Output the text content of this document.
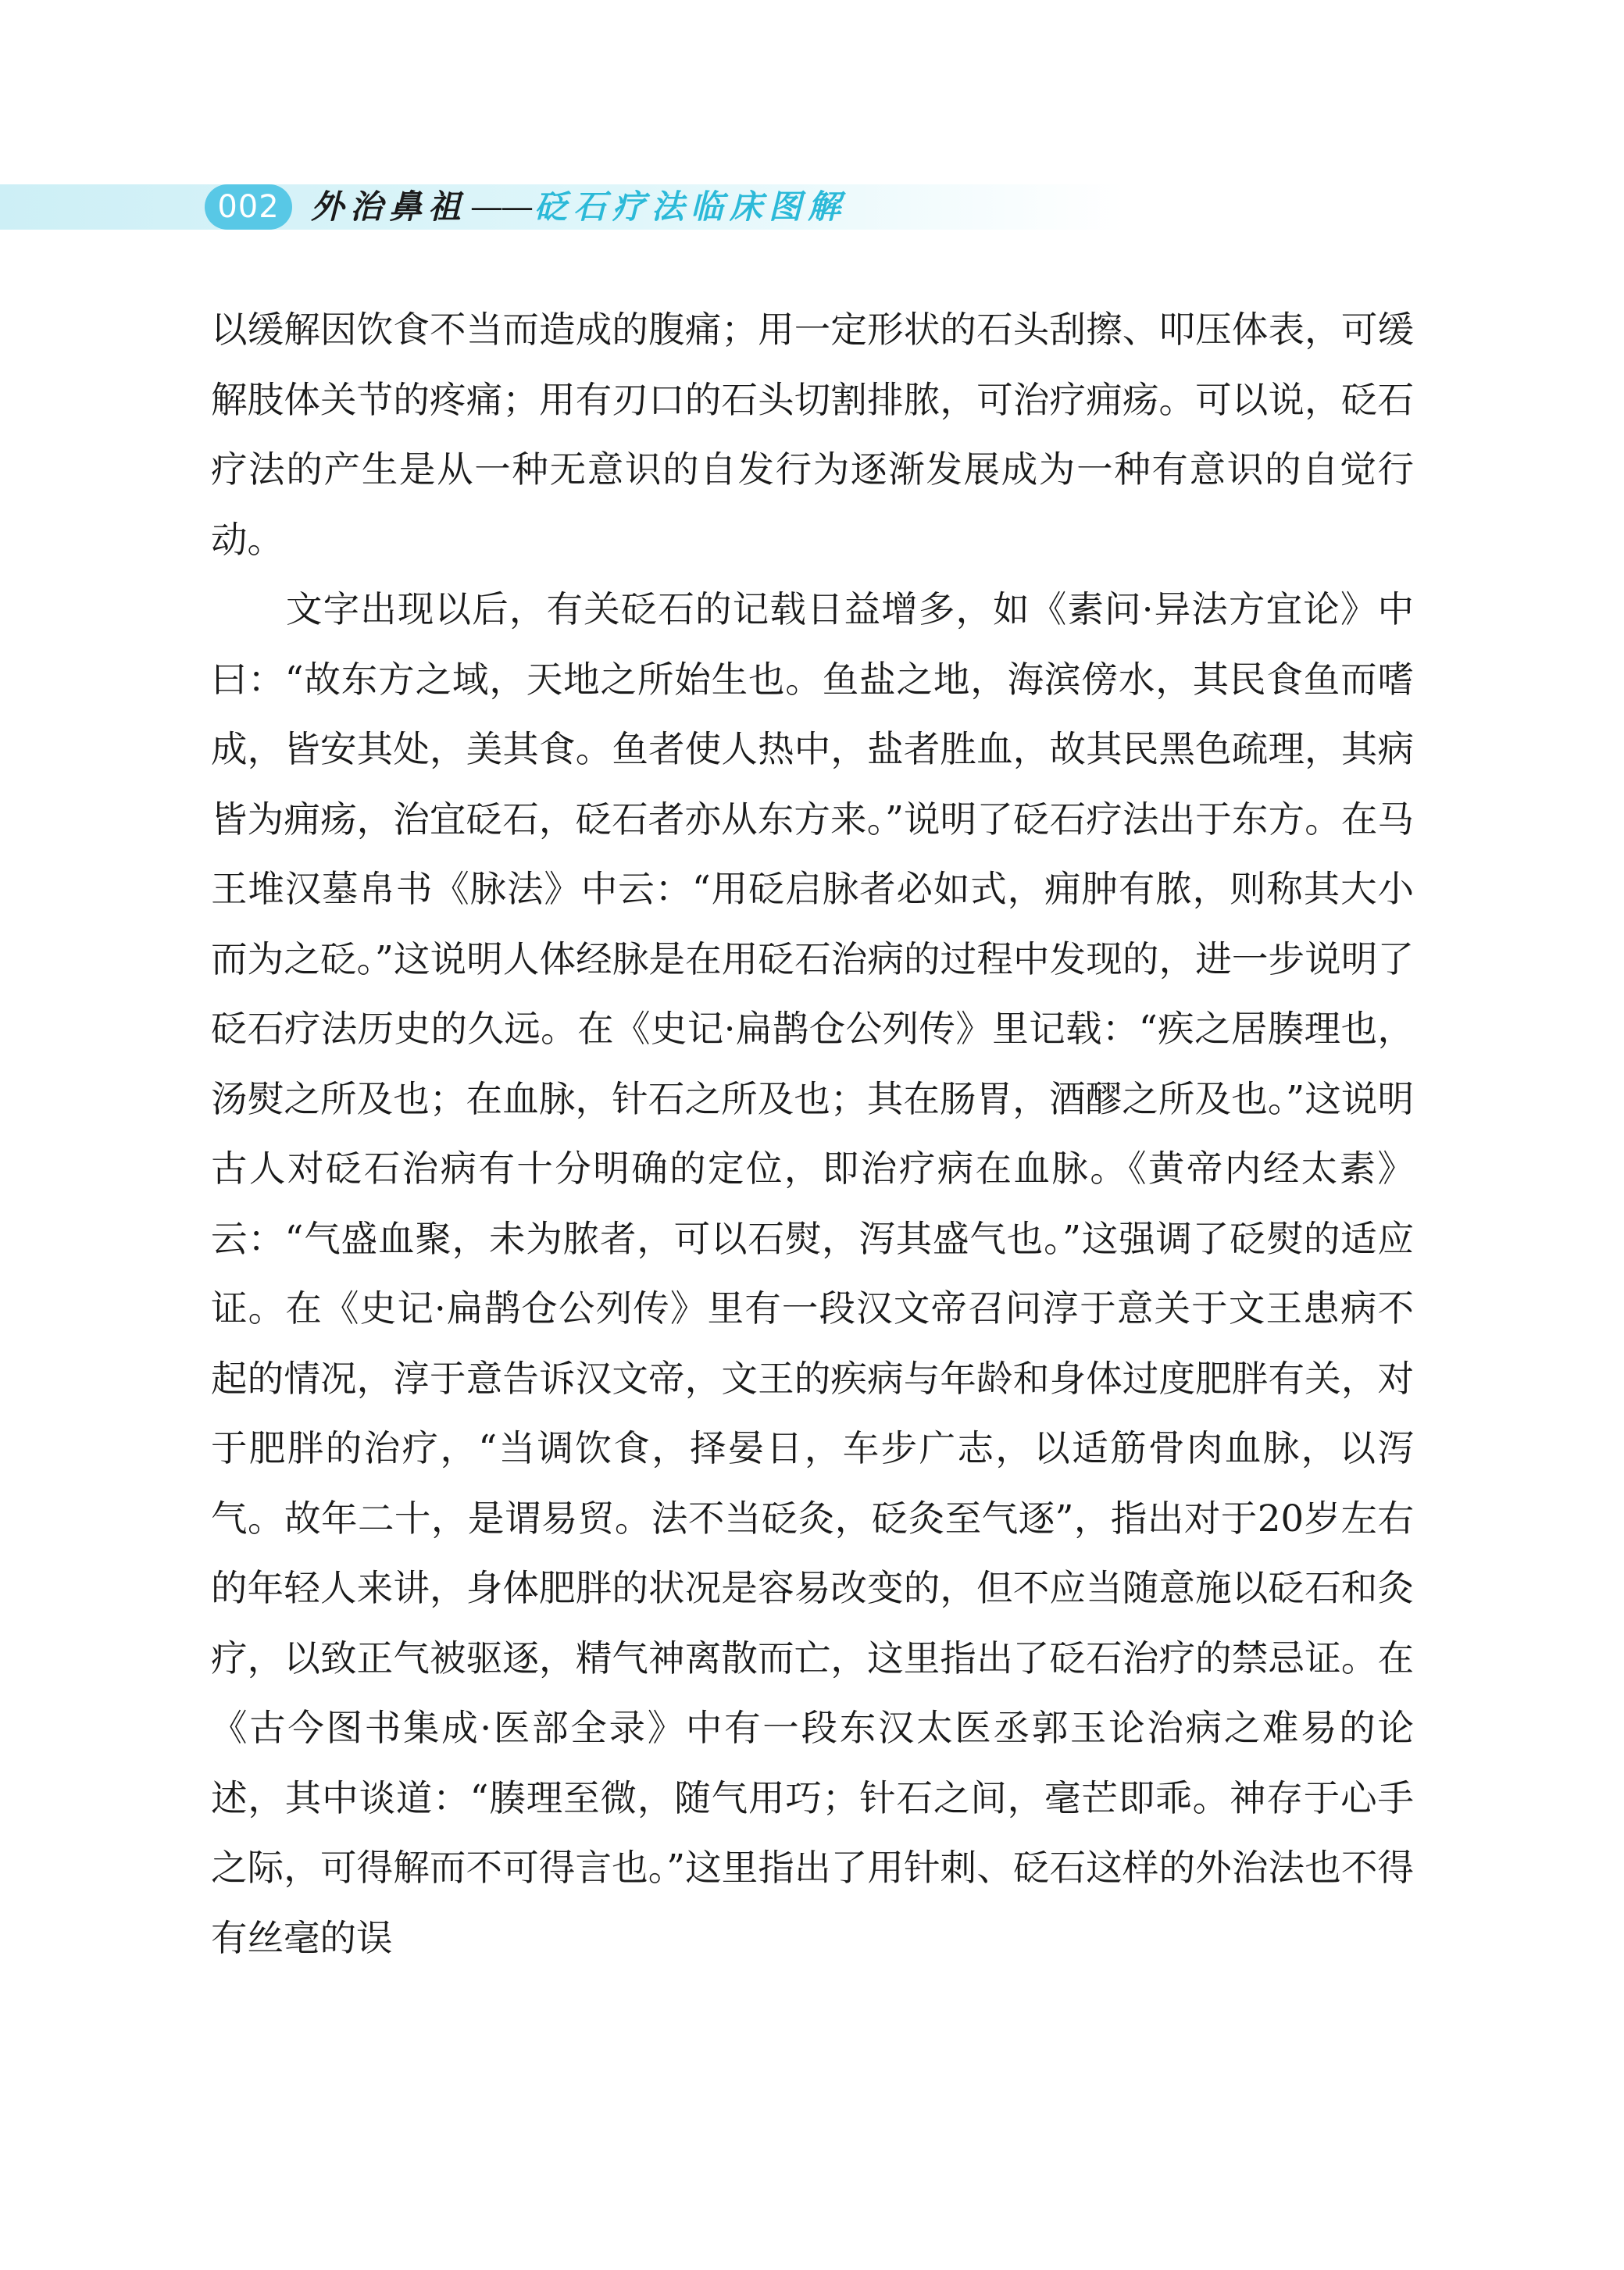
002 外治鼻祖——砭石疗法临床图解

以缓解因饮食不当而造成的腹痛；用一定形状的石头刮擦、叩压体表，可缓解肢体关节的疼痛；用有刃口的石头切割排脓，可治疗痈疡。可以说，砭石疗法的产生是从一种无意识的自发行为逐渐发展成为一种有意识的自觉行动。

文字出现以后，有关砭石的记载日益增多，如《素问·异法方宜论》中曰：“故东方之域，天地之所始生也。鱼盐之地，海滨傍水，其民食鱼而嗜成，皆安其处，美其食。鱼者使人热中，盐者胜血，故其民黑色疏理，其病皆为痈疡，治宜砭石，砭石者亦从东方来。”说明了砭石疗法出于东方。在马王堆汉墓帛书《脉法》中云：“用砭启脉者必如式，痈肿有脓，则称其大小而为之砭。”这说明人体经脉是在用砭石治病的过程中发现的，进一步说明了砭石疗法历史的久远。在《史记·扁鹊仓公列传》里记载：“疾之居腠理也，汤熨之所及也；在血脉，针石之所及也；其在肠胃，酒醪之所及也。”这说明古人对砭石治病有十分明确的定位，即治疗病在血脉。《黄帝内经太素》云：“气盛血聚，未为脓者，可以石熨，泻其盛气也。”这强调了砭熨的适应证。在《史记·扁鹊仓公列传》里有一段汉文帝召问淳于意关于文王患病不起的情况，淳于意告诉汉文帝，文王的疾病与年龄和身体过度肥胖有关，对于肥胖的治疗，“当调饮食，择晏日，车步广志，以适筋骨肉血脉，以泻气。故年二十，是谓易贸。法不当砭灸，砭灸至气逐”，指出对于20岁左右的年轻人来讲，身体肥胖的状况是容易改变的，但不应当随意施以砭石和灸疗，以致正气被驱逐，精气神离散而亡，这里指出了砭石治疗的禁忌证。在《古今图书集成·医部全录》中有一段东汉太医丞郭玉论治病之难易的论述，其中谈道：“腠理至微，随气用巧；针石之间，毫芒即乖。神存于心手之际，可得解而不可得言也。”这里指出了用针刺、砭石这样的外治法也不得有丝毫的误
